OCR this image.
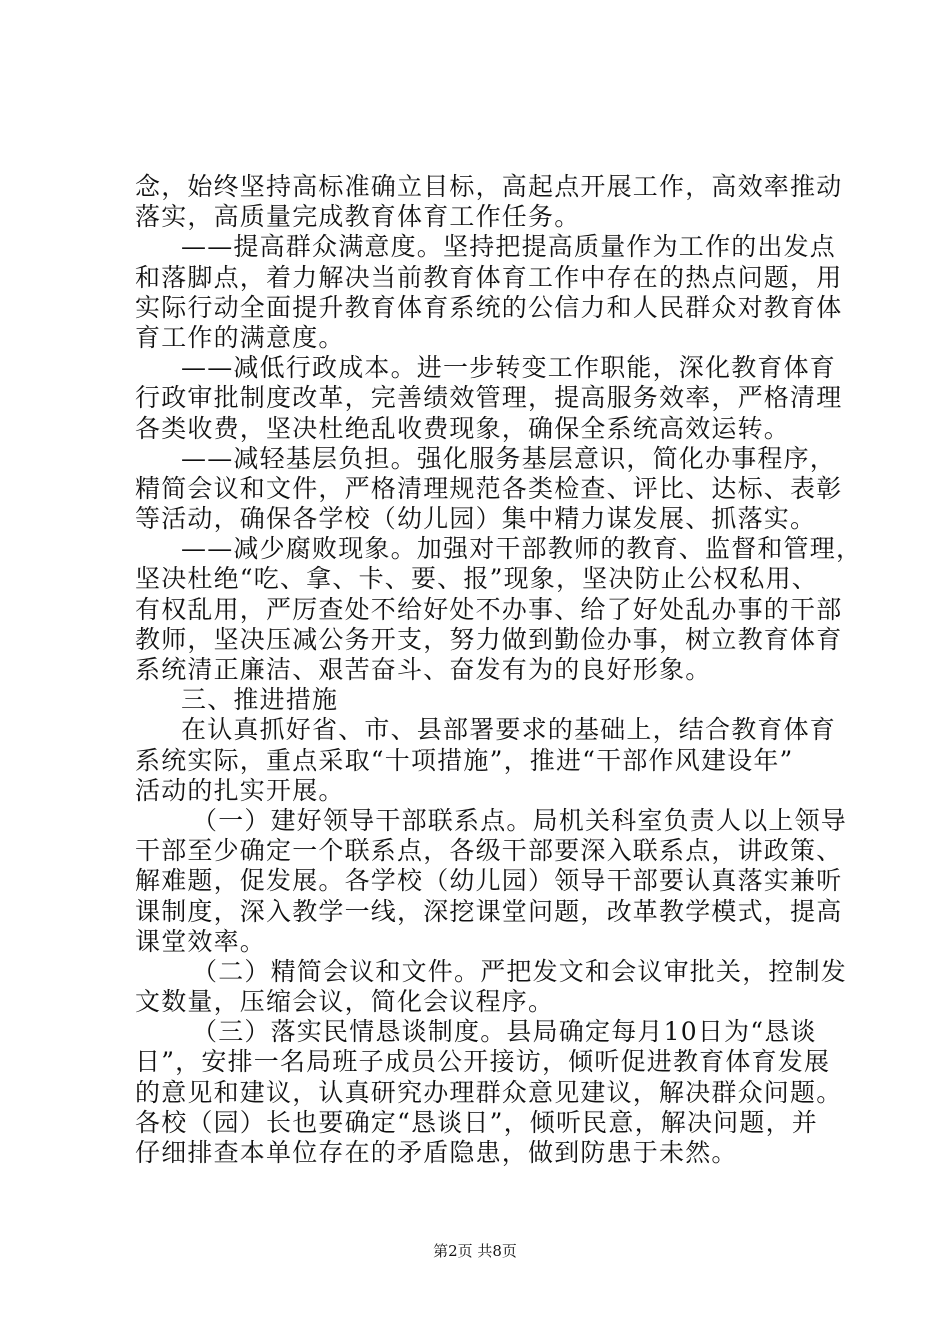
念，始终坚持高标准确立目标，高起点开展工作，高效率推动
落实，高质量完成教育体育工作任务。
——提高群众满意度。坚持把提高质量作为工作的出发点
和落脚点，着力解决当前教育体育工作中存在的热点问题，用
实际行动全面提升教育体育系统的公信力和人民群众对教育体
育工作的满意度。
——减低行政成本。进一步转变工作职能，深化教育体育
行政审批制度改革，完善绩效管理，提高服务效率，严格清理
各类收费，坚决杜绝乱收费现象，确保全系统高效运转。
——减轻基层负担。强化服务基层意识，简化办事程序，
精简会议和文件，严格清理规范各类检查、评比、达标、表彰
等活动，确保各学校（幼儿园）集中精力谋发展、抓落实。
——减少腐败现象。加强对干部教师的教育、监督和管理，
坚决杜绝“吃、拿、卡、要、报”现象，坚决防止公权私用、
有权乱用，严厉查处不给好处不办事、给了好处乱办事的干部
教师，坚决压减公务开支，努力做到勤俭办事，树立教育体育
系统清正廉洁、艰苦奋斗、奋发有为的良好形象。
三、推进措施
在认真抓好省、市、县部署要求的基础上，结合教育体育
系统实际，重点采取“十项措施”，推进“干部作风建设年”
活动的扎实开展。
（一）建好领导干部联系点。局机关科室负责人以上领导
干部至少确定一个联系点，各级干部要深入联系点，讲政策、
解难题，促发展。各学校（幼儿园）领导干部要认真落实兼听
课制度，深入教学一线，深挖课堂问题，改革教学模式，提高
课堂效率。
（二）精简会议和文件。严把发文和会议审批关，控制发
文数量，压缩会议，简化会议程序。
（三）落实民情恳谈制度。县局确定每月10日为“恳谈
日”，安排一名局班子成员公开接访，倾听促进教育体育发展
的意见和建议，认真研究办理群众意见建议，解决群众问题。
各校（园）长也要确定“恳谈日”，倾听民意，解决问题，并
仔细排查本单位存在的矛盾隐患，做到防患于未然。
第2页 共8页
